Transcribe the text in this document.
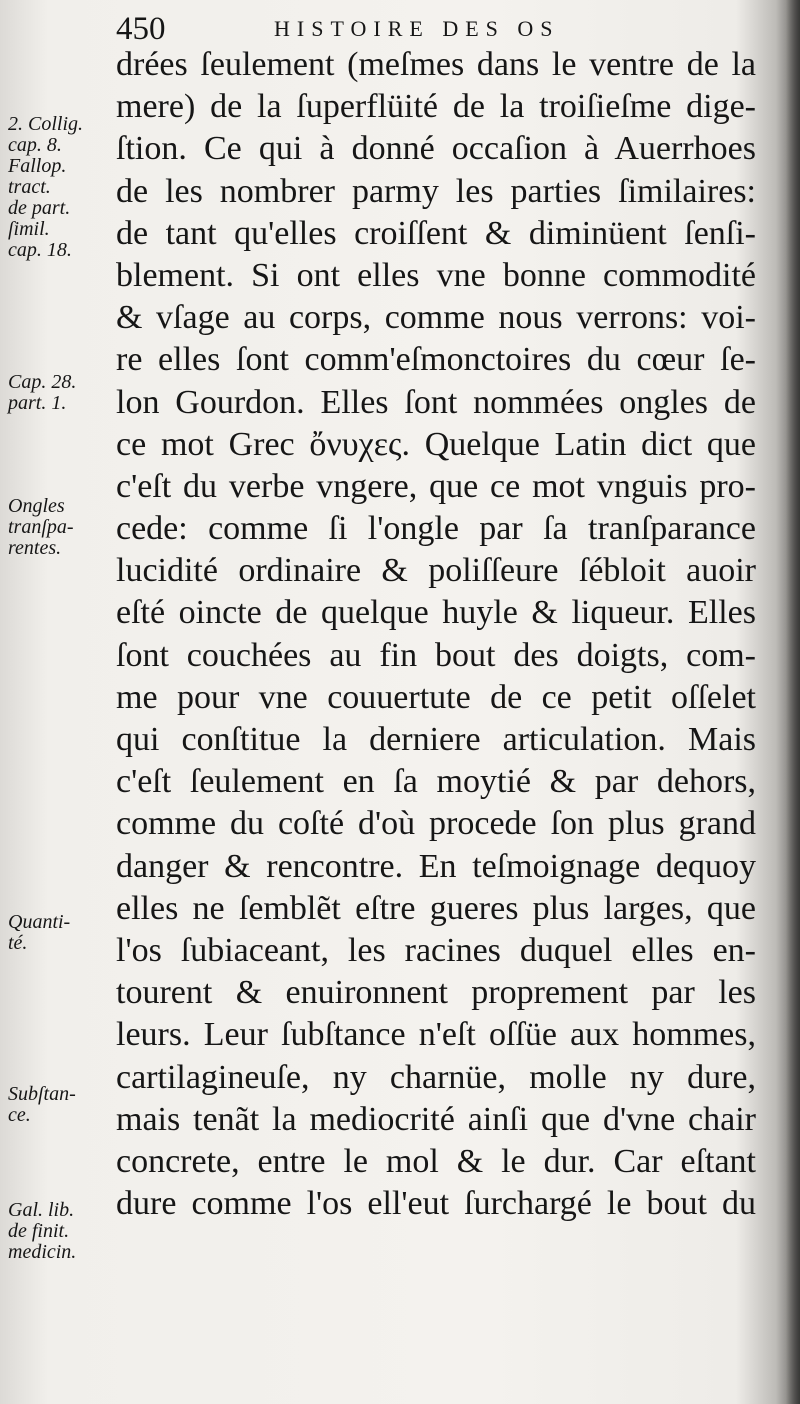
450	HISTOIRE DES OS
drées ſeulement (meſmes dans le ventre de la
mere) de la ſuperflüité de la troiſieſme dige-
ſtion. Ce qui à donné occaſion à Auerrhoes
de les nombrer parmy les parties ſimilaires:
de tant qu'elles croiſſent & diminüent ſenſi-
blement. Si ont elles vne bonne commodité
& vſage au corps, comme nous verrons: voi-
re elles ſont comm'eſmonctoires du cœur ſe-
lon Gourdon. Elles ſont nommées ongles de
ce mot Grec ὄνυχες. Quelque Latin dict que
c'eſt du verbe vngere, que ce mot vnguis pro-
cede: comme ſi l'ongle par ſa tranſparance
lucidité ordinaire & poliſſeure ſébloit auoir
eſté oincte de quelque huyle & liqueur. Elles
ſont couchées au fin bout des doigts, com-
me pour vne couuertute de ce petit oſſelet
qui conſtitue la derniere articulation. Mais
c'eſt ſeulement en ſa moytié & par dehors,
comme du coſté d'où procede ſon plus grand
danger & rencontre. En teſmoignage dequoy
elles ne ſemblẽt eſtre gueres plus larges, que
l'os ſubiaceant, les racines duquel elles en-
tourent & enuironnent proprement par les
leurs. Leur ſubſtance n'eſt oſſüe aux hommes,
cartilagineuſe, ny charnüe, molle ny dure,
mais tenãt la mediocrité ainſi que d'vne chair
concrete, entre le mol & le dur. Car eſtant
dure comme l'os ell'eut ſurchargé le bout du
2. Collig.
cap. 8.
Fallop.
tract.
de part.
ſimil.
cap. 18.
Cap. 28.
part. 1.
Ongles
tranſpa-
rentes.
Quanti-
té.
Subſtan-
ce.
Gal. lib.
de finit.
medicin.
